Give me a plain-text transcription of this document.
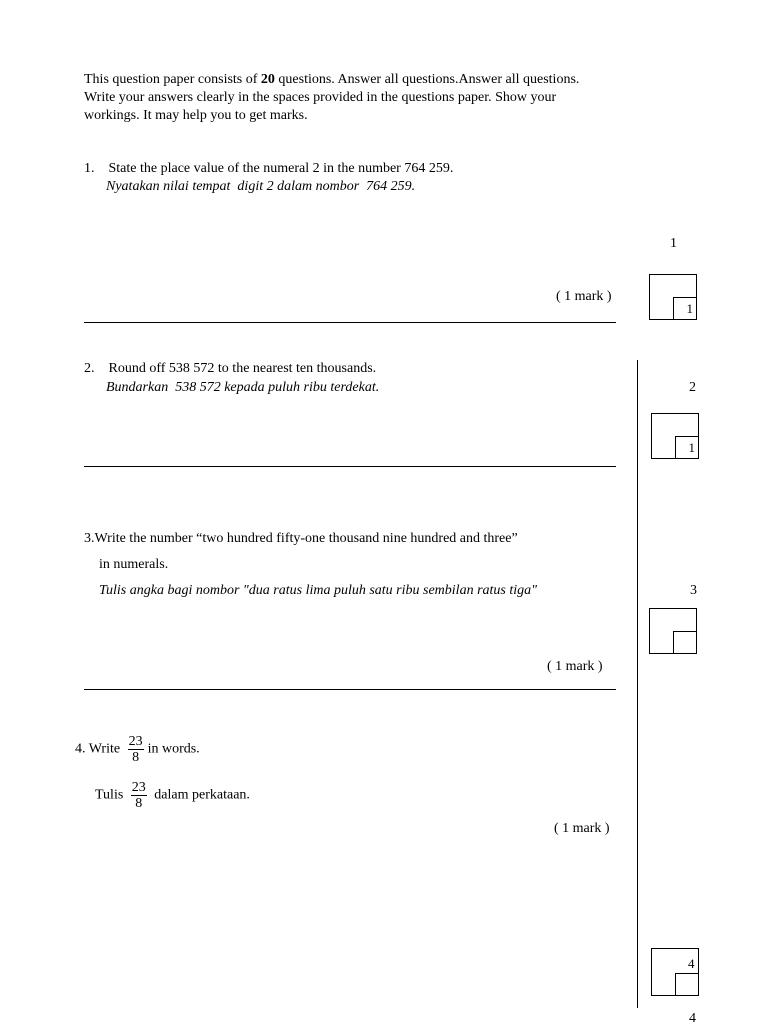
This question paper consists of 20 questions. Answer all questions.Answer all questions.
Write your answers clearly in the spaces provided in the questions paper. Show your
workings. It may help you to get marks.
1.    State the place value of the numeral 2 in the number 764 259.
Nyatakan nilai tempat  digit 2 dalam nombor  764 259.
1
( 1 mark )
1
2.    Round off 538 572 to the nearest ten thousands.
Bundarkan  538 572 kepada puluh ribu terdekat.	2
1
3.Write the number “two hundred fifty-one thousand nine hundred and three”
in numerals.
Tulis angka bagi nombor "dua ratus lima puluh satu ribu sembilan ratus tiga"	3
( 1 mark )
4. Write $\frac{23}{8}$ in words.
Tulis $\frac{23}{8}$ dalam perkataan.
( 1 mark )
4
4
